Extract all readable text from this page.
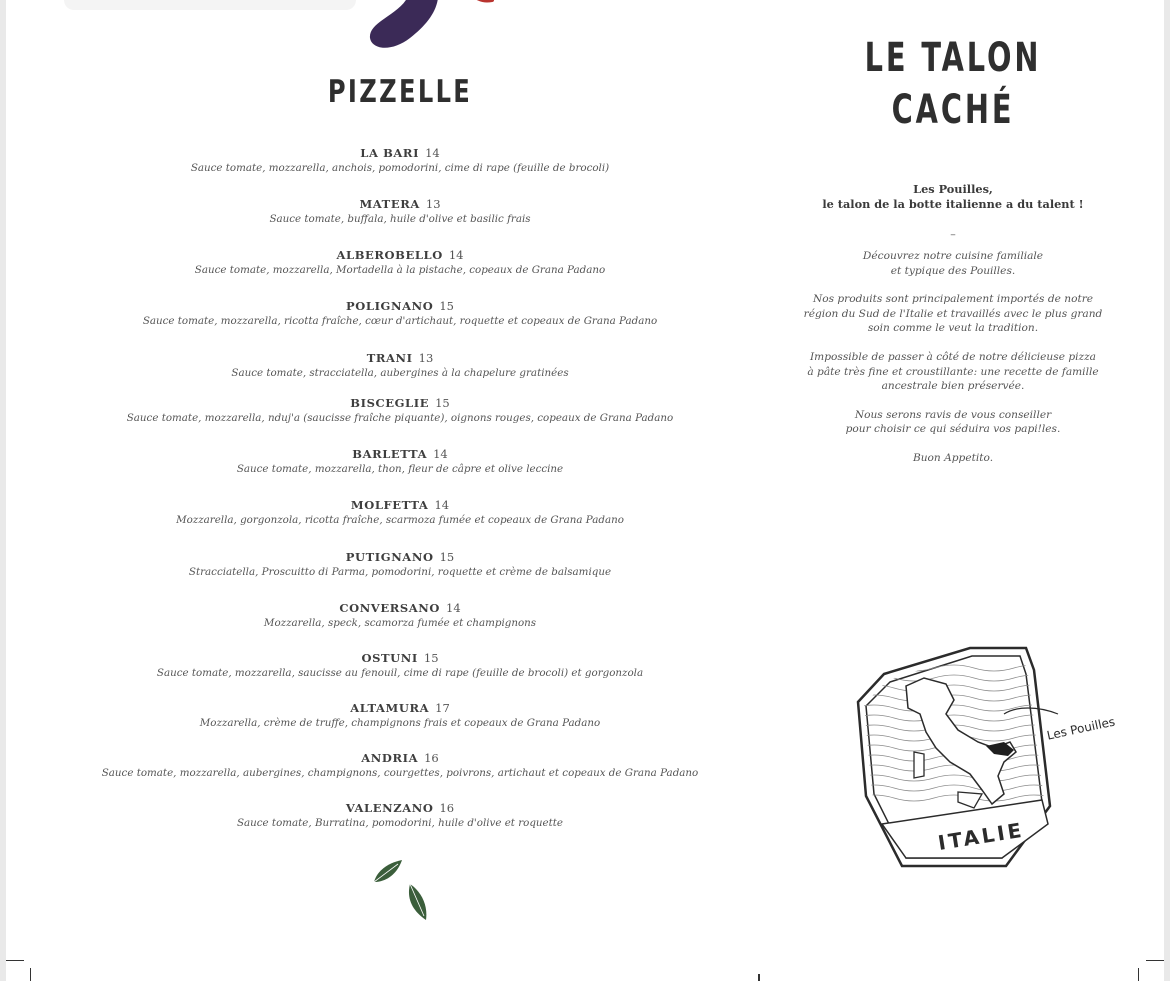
PIZZELLE
LA BARI 14
Sauce tomate, mozzarella, anchois, pomodorini, cime di rape (feuille de brocoli)
MATERA 13
Sauce tomate, buffala, huile d'olive et basilic frais
ALBEROBELLO 14
Sauce tomate, mozzarella, Mortadella à la pistache, copeaux de Grana Padano
POLIGNANO 15
Sauce tomate, mozzarella, ricotta fraîche, cœur d'artichaut, roquette et copeaux de Grana Padano
TRANI 13
Sauce tomate, stracciatella, aubergines à la chapelure gratinées
BISCEGLIE 15
Sauce tomate, mozzarella, nduj'a (saucisse fraîche piquante), oignons rouges, copeaux de Grana Padano
BARLETTA 14
Sauce tomate, mozzarella, thon, fleur de câpre et olive leccine
MOLFETTA 14
Mozzarella, gorgonzola, ricotta fraîche, scarmoza fumée et copeaux de Grana Padano
PUTIGNANO 15
Stracciatella, Proscuitto di Parma, pomodorini, roquette et crème de balsamique
CONVERSANO 14
Mozzarella, speck, scamorza fumée et champignons
OSTUNI 15
Sauce tomate, mozzarella, saucisse au fenouil, cime di rape (feuille de brocoli) et gorgonzola
ALTAMURA 17
Mozzarella, crème de truffe, champignons frais et copeaux de Grana Padano
ANDRIA 16
Sauce tomate, mozzarella, aubergines, champignons, courgettes, poivrons, artichaut et copeaux de Grana Padano
VALENZANO 16
Sauce tomate, Burratina, pomodorini, huile d'olive et roquette
LE TALON
CACHÉ
Les Pouilles,
le talon de la botte italienne a du talent !
–
Découvrez notre cuisine familiale
et typique des Pouilles.
Nos produits sont principalement importés de notre
région du Sud de l'Italie et travaillés avec le plus grand
soin comme le veut la tradition.
Impossible de passer à côté de notre délicieuse pizza
à pâte très fine et croustillante: une recette de famille
ancestrale bien préservée.
Nous serons ravis de vous conseiller
pour choisir ce qui séduira vos papi!les.
Buon Appetito.
ITALIE
Les Pouilles
